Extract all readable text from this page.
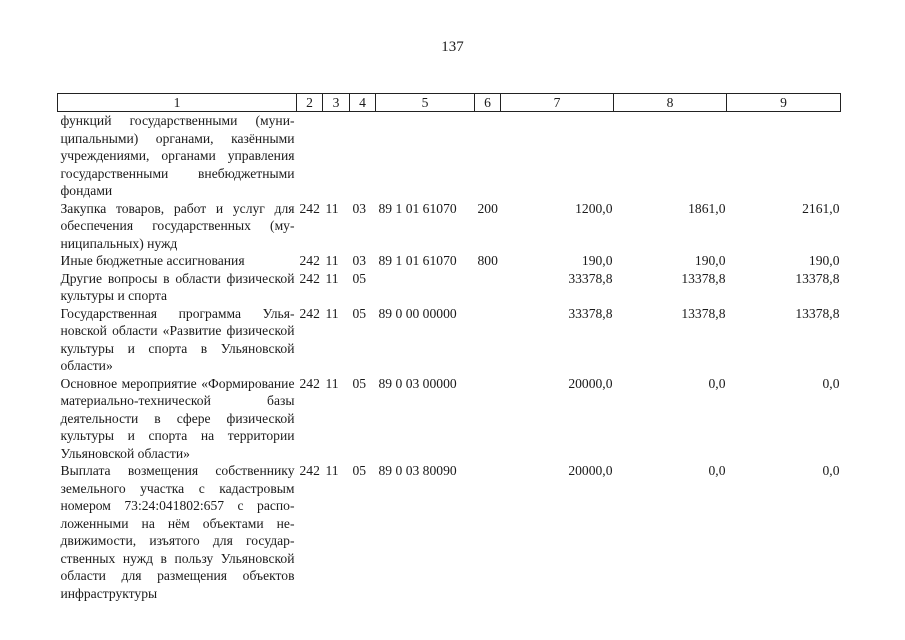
137
1	2	3	4	5	6	7	8	9
функций государственными (муниципальными) органами, казёнными учреждениями, органами управления государственными внебюджетными фондами								
Закупка товаров, работ и услуг для обеспечения государственных (муниципальных) нужд	242	11	03	89 1 01 61070	200	1200,0	1861,0	2161,0
Иные бюджетные ассигнования	242	11	03	89 1 01 61070	800	190,0	190,0	190,0
Другие вопросы в области физической культуры и спорта	242	11	05			33378,8	13378,8	13378,8
Государственная программа Ульяновской области «Развитие физической культуры и спорта в Ульяновской области»	242	11	05	89 0 00 00000		33378,8	13378,8	13378,8
Основное мероприятие «Формирование материально-технической базы деятельности в сфере физической культуры и спорта на территории Ульяновской области»	242	11	05	89 0 03 00000		20000,0	0,0	0,0
Выплата возмещения собственнику земельного участка с кадастровым номером 73:24:041802:657 с расположенными на нём объектами недвижимости, изъятого для государственных нужд в пользу Ульяновской области для размещения объектов инфраструктуры	242	11	05	89 0 03 80090		20000,0	0,0	0,0
